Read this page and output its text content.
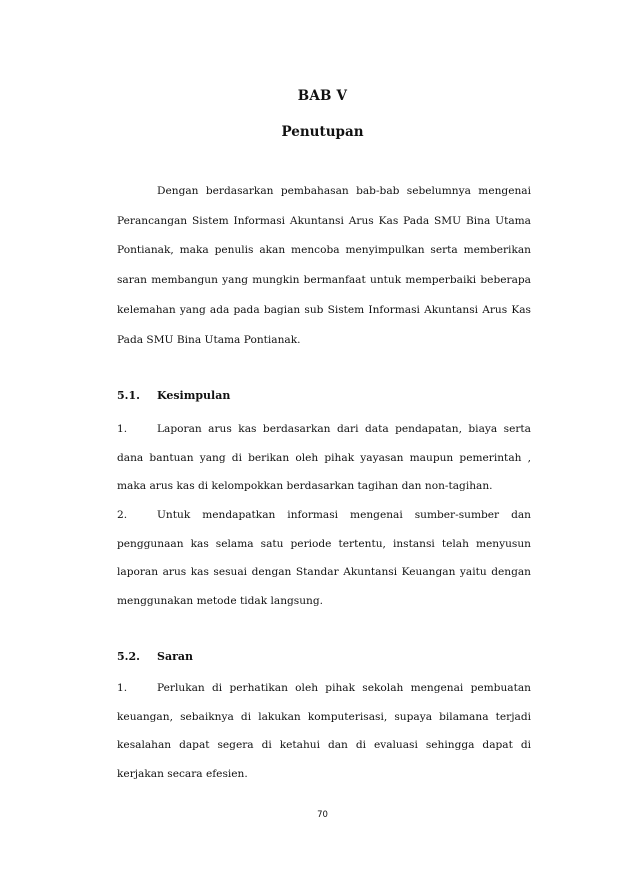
BAB V
Penutupan

Dengan berdasarkan pembahasan bab-bab sebelumnya mengenai Perancangan Sistem Informasi Akuntansi Arus Kas Pada SMU Bina Utama Pontianak, maka penulis akan mencoba menyimpulkan serta memberikan saran membangun yang mungkin bermanfaat untuk memperbaiki beberapa kelemahan yang ada pada bagian sub Sistem Informasi Akuntansi Arus Kas Pada SMU Bina Utama Pontianak.

5.1. Kesimpulan

1.	Laporan arus kas berdasarkan dari data pendapatan, biaya serta dana bantuan yang di berikan oleh pihak yayasan maupun pemerintah , maka arus kas di kelompokkan berdasarkan tagihan dan non-tagihan.

2.	Untuk mendapatkan informasi mengenai sumber-sumber dan penggunaan kas selama satu periode tertentu, instansi telah menyusun laporan arus kas sesuai dengan Standar Akuntansi Keuangan yaitu dengan menggunakan metode tidak langsung.

5.2. Saran

1.	Perlukan di perhatikan oleh pihak sekolah mengenai pembuatan keuangan, sebaiknya di lakukan komputerisasi, supaya bilamana terjadi kesalahan dapat segera di ketahui dan di evaluasi sehingga dapat di kerjakan secara efesien.

70
